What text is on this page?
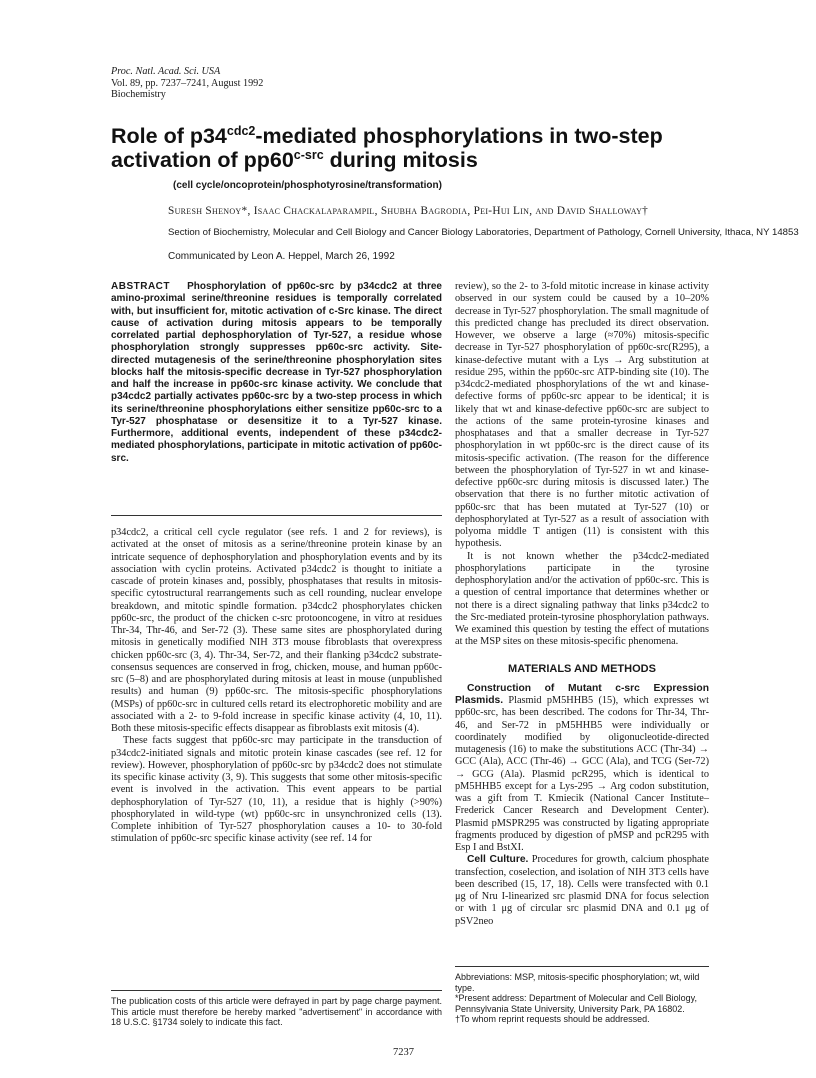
Proc. Natl. Acad. Sci. USA
Vol. 89, pp. 7237–7241, August 1992
Biochemistry
Role of $p34^{cdc2}$-mediated phosphorylations in two-step activation of $pp60^{c-src}$ during mitosis
(cell cycle/oncoprotein/phosphotyrosine/transformation)
Suresh Shenoy*, Isaac Chackalaparampil, Shubha Bagrodia, Pei-Hui Lin, and David Shalloway†
Section of Biochemistry, Molecular and Cell Biology and Cancer Biology Laboratories, Department of Pathology, Cornell University, Ithaca, NY 14853
Communicated by Leon A. Heppel, March 26, 1992

ABSTRACT Phosphorylation of pp60c-src by p34cdc2 at three amino-proximal serine/threonine residues is temporally correlated with, but insufficient for, mitotic activation of c-Src kinase. The direct cause of activation during mitosis appears to be temporally correlated partial dephosphorylation of Tyr-527, a residue whose phosphorylation strongly suppresses pp60c-src activity. Site-directed mutagenesis of the serine/threonine phosphorylation sites blocks half the mitosis-specific decrease in Tyr-527 phosphorylation and half the increase in pp60c-src kinase activity. We conclude that p34cdc2 partially activates pp60c-src by a two-step process in which its serine/threonine phosphorylations either sensitize pp60c-src to a Tyr-527 phosphatase or desensitize it to a Tyr-527 kinase. Furthermore, additional events, independent of these p34cdc2-mediated phosphorylations, participate in mitotic activation of pp60c-src.

p34cdc2, a critical cell cycle regulator (see refs. 1 and 2 for reviews), is activated at the onset of mitosis as a serine/threonine protein kinase by an intricate sequence of dephosphorylation and phosphorylation events and by its association with cyclin proteins. Activated p34cdc2 is thought to initiate a cascade of protein kinases and, possibly, phosphatases that results in mitosis-specific cytostructural rearrangements such as cell rounding, nuclear envelope breakdown, and mitotic spindle formation. p34cdc2 phosphorylates chicken pp60c-src, the product of the chicken c-src protooncogene, in vitro at residues Thr-34, Thr-46, and Ser-72 (3). These same sites are phosphorylated during mitosis in genetically modified NIH 3T3 mouse fibroblasts that overexpress chicken pp60c-src (3, 4). Thr-34, Ser-72, and their flanking p34cdc2 substrate-consensus sequences are conserved in frog, chicken, mouse, and human pp60c-src (5–8) and are phosphorylated during mitosis at least in mouse (unpublished results) and human (9) pp60c-src. The mitosis-specific phosphorylations (MSPs) of pp60c-src in cultured cells retard its electrophoretic mobility and are associated with a 2- to 9-fold increase in specific kinase activity (4, 10, 11). Both these mitosis-specific effects disappear as fibroblasts exit mitosis (4).

These facts suggest that pp60c-src may participate in the transduction of p34cdc2-initiated signals and mitotic protein kinase cascades (see ref. 12 for review). However, phosphorylation of pp60c-src by p34cdc2 does not stimulate its specific kinase activity (3, 9). This suggests that some other mitosis-specific event is involved in the activation. This event appears to be partial dephosphorylation of Tyr-527 (10, 11), a residue that is highly (>90%) phosphorylated in wild-type (wt) pp60c-src in unsynchronized cells (13). Complete inhibition of Tyr-527 phosphorylation causes a 10- to 30-fold stimulation of pp60c-src specific kinase activity (see ref. 14 for

review), so the 2- to 3-fold mitotic increase in kinase activity observed in our system could be caused by a 10–20% decrease in Tyr-527 phosphorylation. The small magnitude of this predicted change has precluded its direct observation. However, we observe a large (≈70%) mitosis-specific decrease in Tyr-527 phosphorylation of pp60c-src(R295), a kinase-defective mutant with a Lys → Arg substitution at residue 295, within the pp60c-src ATP-binding site (10). The p34cdc2-mediated phosphorylations of the wt and kinase-defective forms of pp60c-src appear to be identical; it is likely that wt and kinase-defective pp60c-src are subject to the actions of the same protein-tyrosine kinases and phosphatases and that a smaller decrease in Tyr-527 phosphorylation in wt pp60c-src is the direct cause of its mitosis-specific activation. (The reason for the difference between the phosphorylation of Tyr-527 in wt and kinase-defective pp60c-src during mitosis is discussed later.) The observation that there is no further mitotic activation of pp60c-src that has been mutated at Tyr-527 (10) or dephosphorylated at Tyr-527 as a result of association with polyoma middle T antigen (11) is consistent with this hypothesis.

It is not known whether the p34cdc2-mediated phosphorylations participate in the tyrosine dephosphorylation and/or the activation of pp60c-src. This is a question of central importance that determines whether or not there is a direct signaling pathway that links p34cdc2 to the Src-mediated protein-tyrosine phosphorylation pathways. We examined this question by testing the effect of mutations at the MSP sites on these mitosis-specific phenomena.

MATERIALS AND METHODS

Construction of Mutant c-src Expression Plasmids. Plasmid pM5HHB5 (15), which expresses wt pp60c-src, has been described. The codons for Thr-34, Thr-46, and Ser-72 in pM5HHB5 were individually or coordinately modified by oligonucleotide-directed mutagenesis (16) to make the substitutions ACC (Thr-34) → GCC (Ala), ACC (Thr-46) → GCC (Ala), and TCG (Ser-72) → GCG (Ala). Plasmid pcR295, which is identical to pM5HHB5 except for a Lys-295 → Arg codon substitution, was a gift from T. Kmiecik (National Cancer Institute–Frederick Cancer Research and Development Center). Plasmid pMSPR295 was constructed by ligating appropriate fragments produced by digestion of pMSP and pcR295 with Esp I and BstXI.

Cell Culture. Procedures for growth, calcium phosphate transfection, coselection, and isolation of NIH 3T3 cells have been described (15, 17, 18). Cells were transfected with 0.1 μg of Nru I-linearized src plasmid DNA for focus selection or with 1 μg of circular src plasmid DNA and 0.1 μg of pSV2neo

The publication costs of this article were defrayed in part by page charge payment. This article must therefore be hereby marked "advertisement" in accordance with 18 U.S.C. §1734 solely to indicate this fact.
Abbreviations: MSP, mitosis-specific phosphorylation; wt, wild type.
*Present address: Department of Molecular and Cell Biology, Pennsylvania State University, University Park, PA 16802.
†To whom reprint requests should be addressed.
7237
